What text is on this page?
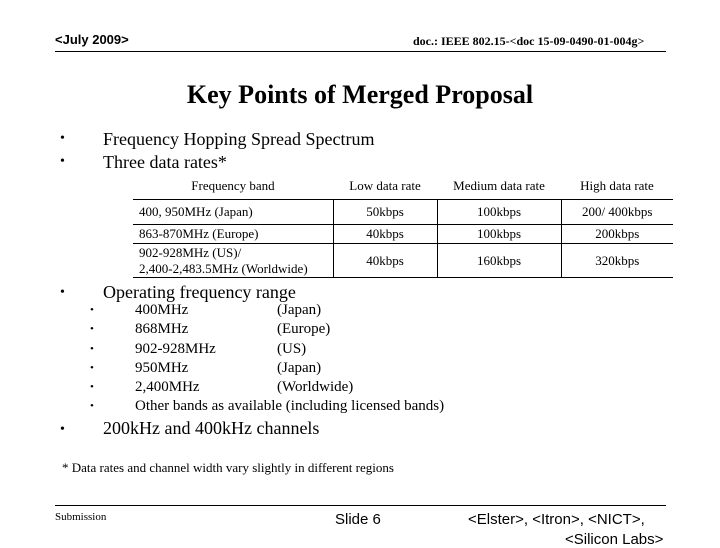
<July 2009>	doc.: IEEE 802.15-<doc 15-09-0490-01-004g>
Key Points of Merged Proposal
• Frequency Hopping Spread Spectrum
• Three data rates*
Frequency band	Low data rate	Medium data rate	High data rate
400, 950MHz (Japan)	50kbps	100kbps	200/ 400kbps
863-870MHz (Europe)	40kbps	100kbps	200kbps

902-928MHz (US)/
2,400-2,483.5MHz (Worldwide)	40kbps	160kbps	320kbps
• Operating frequency range
•	400MHz	(Japan)
•	868MHz	(Europe)
•	902-928MHz	(US)
•	950MHz	(Japan)
•	2,400MHz	(Worldwide)
•	Other bands as available (including licensed bands)
• 200kHz and 400kHz channels
* Data rates and channel width vary slightly in different regions
Submission	Slide 6	<Elster>, <Itron>, <NICT>,
<Silicon Labs>
